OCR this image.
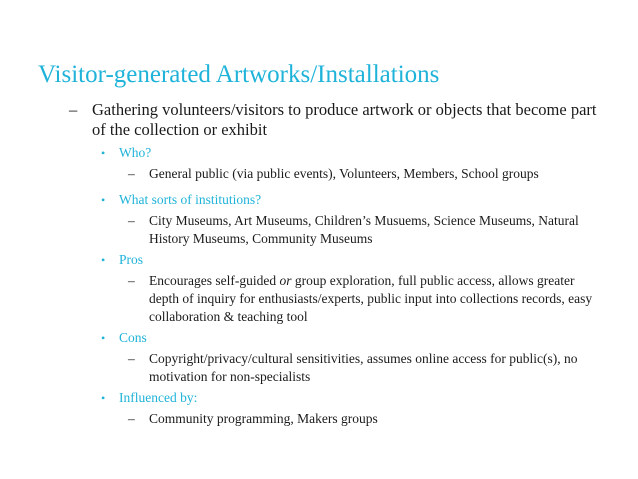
Visitor-generated Artworks/Installations
– Gathering volunteers/visitors to produce artwork or objects that become part of the collection or exhibit
• Who?
– General public (via public events), Volunteers, Members, School groups
• What sorts of institutions?
– City Museums, Art Museums, Children’s Musuems, Science Museums, Natural History Museums, Community Museums
• Pros
– Encourages self-guided or group exploration, full public access, allows greater depth of inquiry for enthusiasts/experts, public input into collections records, easy collaboration & teaching tool
• Cons
– Copyright/privacy/cultural sensitivities, assumes online access for public(s), no motivation for non-specialists
• Influenced by:
– Community programming, Makers groups
